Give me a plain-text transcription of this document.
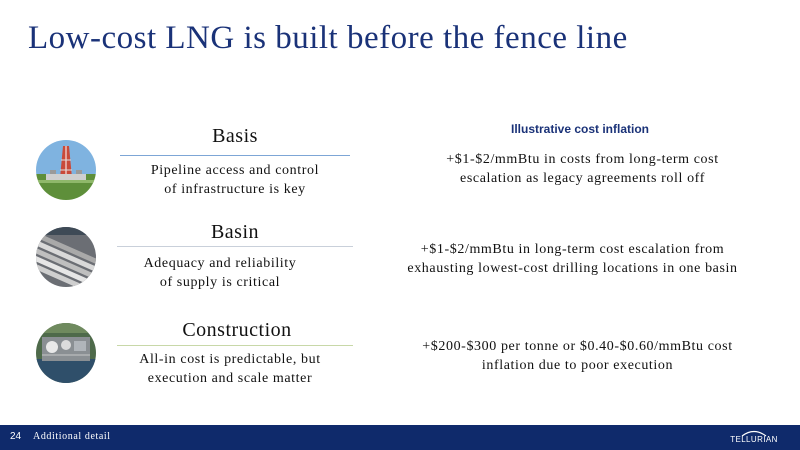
Low-cost LNG is built before the fence line
Illustrative cost inflation
Basis
Pipeline access and control
of infrastructure is key
+$1-$2/mmBtu in costs from long-term cost
escalation as legacy agreements roll off
Basin
Adequacy and reliability
of supply is critical
+$1-$2/mmBtu in long-term cost escalation from
exhausting lowest-cost drilling locations in one basin
Construction
All-in cost is predictable, but
execution and scale matter
+$200-$300 per tonne or $0.40-$0.60/mmBtu cost
inflation due to poor execution
24 Additional detail	TELLURIAN
